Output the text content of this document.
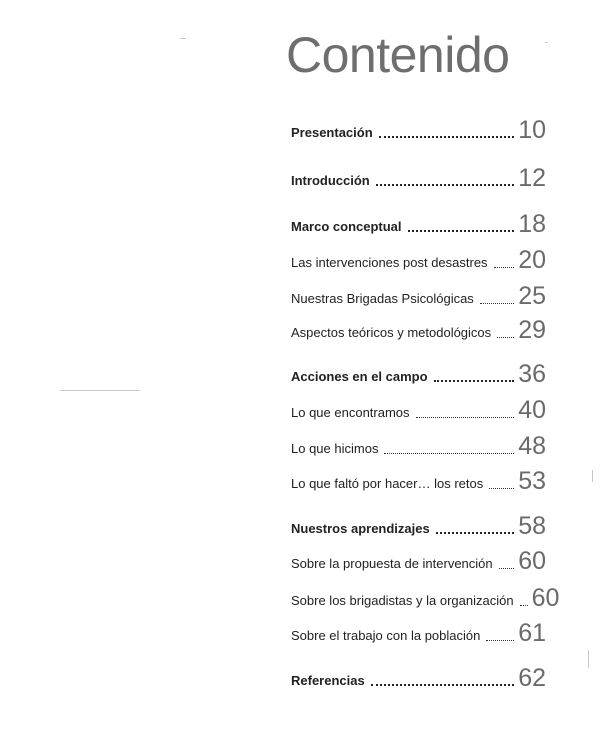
Contenido
Presentación	10
Introducción	12
Marco conceptual	18
Las intervenciones post desastres 20
Nuestras Brigadas Psicológicas 25
Aspectos teóricos y metodológicos 29
Acciones en el campo	36
Lo que encontramos	40
Lo que hicimos	48
Lo que faltó por hacer… los retos 53
Nuestros aprendizajes	58
Sobre la propuesta de intervención 60
Sobre los brigadistas y la organización 60
Sobre el trabajo con la población 61
Referencias	62
